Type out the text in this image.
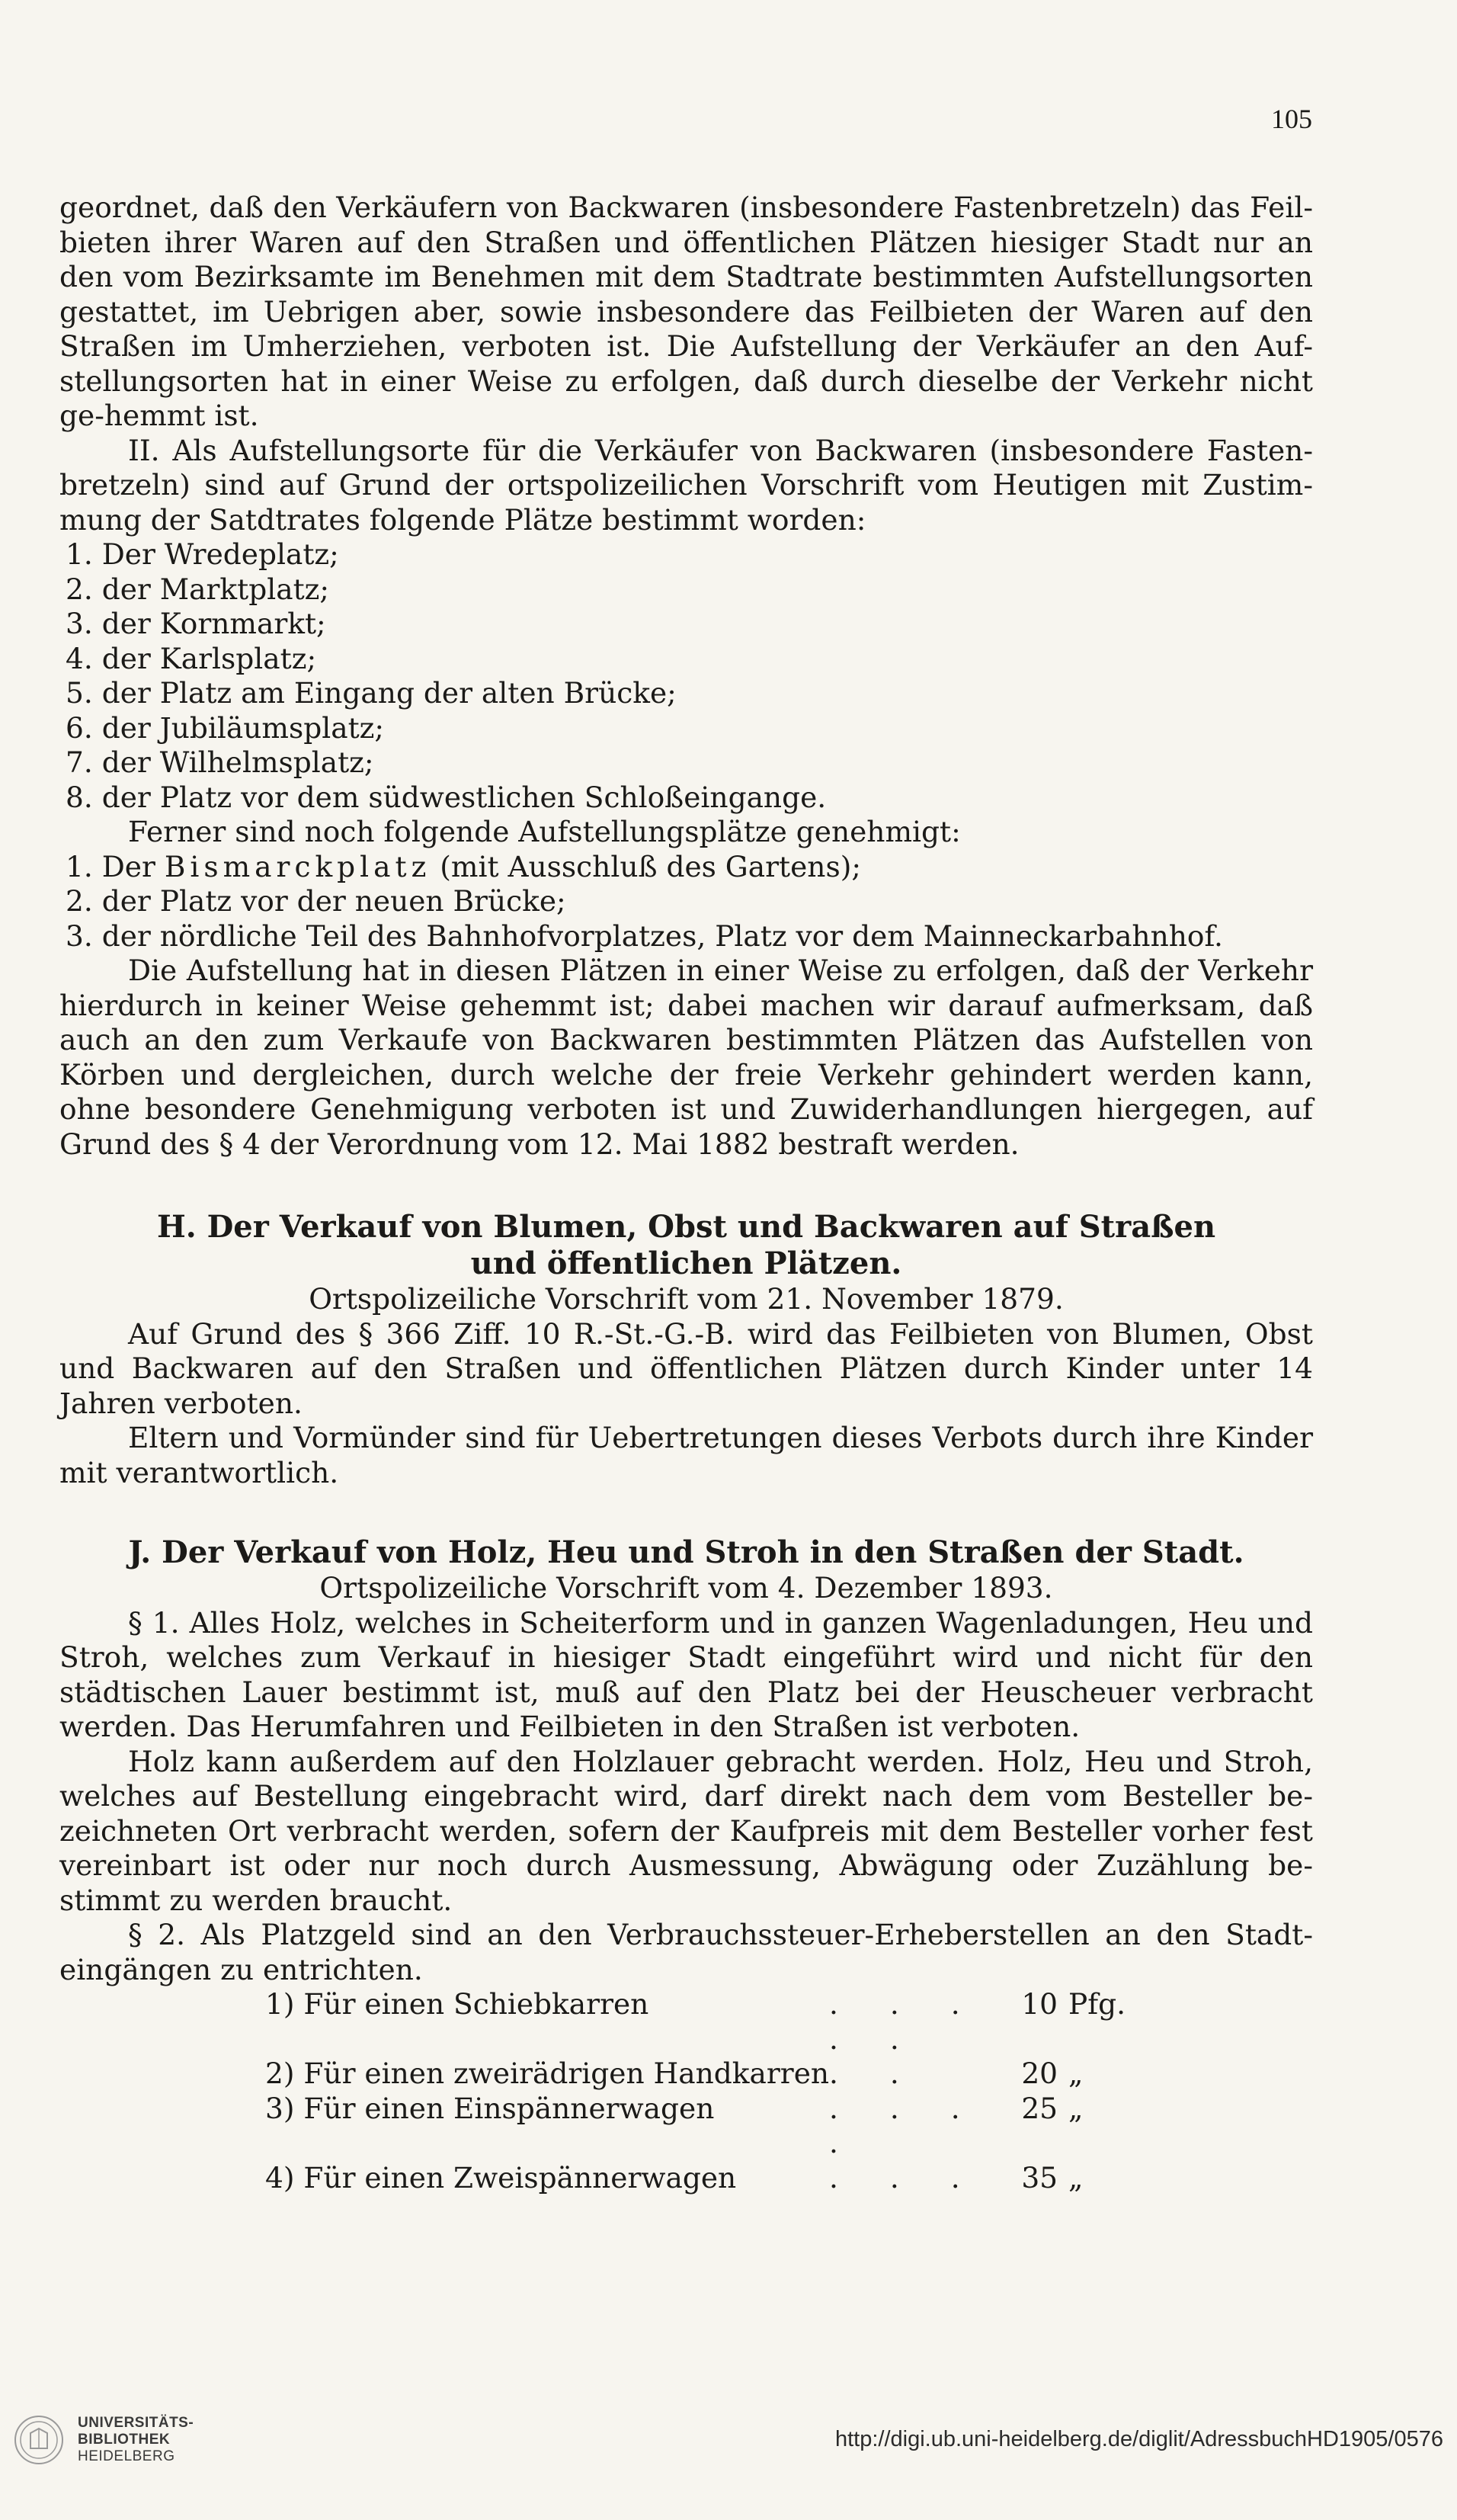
105

geordnet, daß den Verkäufern von Backwaren (insbesondere Fastenbretzeln) das Feil-bieten ihrer Waren auf den Straßen und öffentlichen Plätzen hiesiger Stadt nur an den vom Bezirksamte im Benehmen mit dem Stadtrate bestimmten Aufstellungsorten gestattet, im Uebrigen aber, sowie insbesondere das Feilbieten der Waren auf den Straßen im Umherziehen, verboten ist. Die Aufstellung der Verkäufer an den Auf-stellungsorten hat in einer Weise zu erfolgen, daß durch dieselbe der Verkehr nicht ge-hemmt ist.

II. Als Aufstellungsorte für die Verkäufer von Backwaren (insbesondere Fasten-bretzeln) sind auf Grund der ortspolizeilichen Vorschrift vom Heutigen mit Zustim-mung der Satdtrates folgende Plätze bestimmt worden:

1. Der Wredeplatz;
2. der Marktplatz;
3. der Kornmarkt;
4. der Karlsplatz;
5. der Platz am Eingang der alten Brücke;
6. der Jubiläumsplatz;
7. der Wilhelmsplatz;
8. der Platz vor dem südwestlichen Schloßeingange.

Ferner sind noch folgende Aufstellungsplätze genehmigt:

1. Der Bismarckplatz (mit Ausschluß des Gartens);
2. der Platz vor der neuen Brücke;
3. der nördliche Teil des Bahnhofvorplatzes, Platz vor dem Mainneckarbahnhof.

Die Aufstellung hat in diesen Plätzen in einer Weise zu erfolgen, daß der Verkehr hierdurch in keiner Weise gehemmt ist; dabei machen wir darauf aufmerksam, daß auch an den zum Verkaufe von Backwaren bestimmten Plätzen das Aufstellen von Körben und dergleichen, durch welche der freie Verkehr gehindert werden kann, ohne besondere Genehmigung verboten ist und Zuwiderhandlungen hiergegen, auf Grund des § 4 der Verordnung vom 12. Mai 1882 bestraft werden.

H. Der Verkauf von Blumen, Obst und Backwaren auf Straßen

und öffentlichen Plätzen.

Ortspolizeiliche Vorschrift vom 21. November 1879.

Auf Grund des § 366 Ziff. 10 R.-St.-G.-B. wird das Feilbieten von Blumen, Obst und Backwaren auf den Straßen und öffentlichen Plätzen durch Kinder unter 14 Jahren verboten.

Eltern und Vormünder sind für Uebertretungen dieses Verbots durch ihre Kinder mit verantwortlich.

J. Der Verkauf von Holz, Heu und Stroh in den Straßen der Stadt.

Ortspolizeiliche Vorschrift vom 4. Dezember 1893.

§ 1. Alles Holz, welches in Scheiterform und in ganzen Wagenladungen, Heu und Stroh, welches zum Verkauf in hiesiger Stadt eingeführt wird und nicht für den städtischen Lauer bestimmt ist, muß auf den Platz bei der Heuscheuer verbracht werden. Das Herumfahren und Feilbieten in den Straßen ist verboten.

Holz kann außerdem auf den Holzlauer gebracht werden. Holz, Heu und Stroh, welches auf Bestellung eingebracht wird, darf direkt nach dem vom Besteller be-zeichneten Ort verbracht werden, sofern der Kaufpreis mit dem Besteller vorher fest vereinbart ist oder nur noch durch Ausmessung, Abwägung oder Zuzählung be-stimmt zu werden braucht.

§ 2. Als Platzgeld sind an den Verbrauchssteuer-Erheberstellen an den Stadt-eingängen zu entrichten.

1) Für einen Schiebkarren	. . . . .	10	Pfg.
2) Für einen zweirädrigen Handkarren	. .	20	„
3) Für einen Einspännerwagen	. . . .	25	„
4) Für einen Zweispännerwagen	. . .	35	„
UNIVERSITÄTS-
BIBLIOTHEK
HEIDELBERG
http://digi.ub.uni-heidelberg.de/diglit/AdressbuchHD1905/0576
